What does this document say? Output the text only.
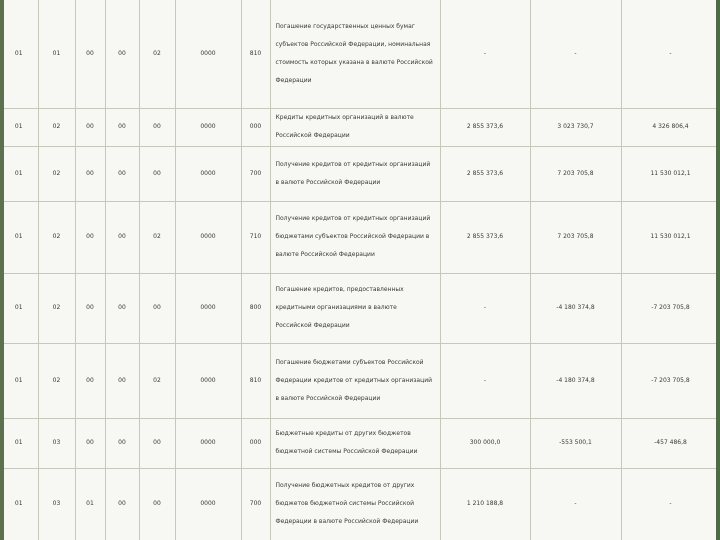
01	01	00	00	02	0000	810	Погашение государственных ценных бумаг субъектов Российской Федерации, номинальная стоимость которых указана в валюте Российской Федерации	-	-	-
01	02	00	00	00	0000	000	Кредиты кредитных организаций в валюте Российской Федерации	2 855 373,6	3 023 730,7	4 326 806,4
01	02	00	00	00	0000	700	Получение кредитов от кредитных организаций в валюте Российской Федерации	2 855 373,6	7 203 705,8	11 530 012,1
01	02	00	00	02	0000	710	Получение кредитов от кредитных организаций бюджетами субъектов Российской Федерации в валюте Российской Федерации	2 855 373,6	7 203 705,8	11 530 012,1
01	02	00	00	00	0000	800	Погашение кредитов, предоставленных кредитными организациями в валюте Российской Федерации	-	-4 180 374,8	-7 203 705,8
01	02	00	00	02	0000	810	Погашение бюджетами субъектов Российской Федерации кредитов от кредитных организаций в валюте Российской Федерации	-	-4 180 374,8	-7 203 705,8
01	03	00	00	00	0000	000	Бюджетные кредиты от других бюджетов бюджетной системы Российской Федерации	300 000,0	-553 500,1	-457 486,8
01	03	01	00	00	0000	700	Получение бюджетных кредитов от других бюджетов бюджетной системы Российской Федерации в валюте Российской Федерации	1 210 188,8	-	-
